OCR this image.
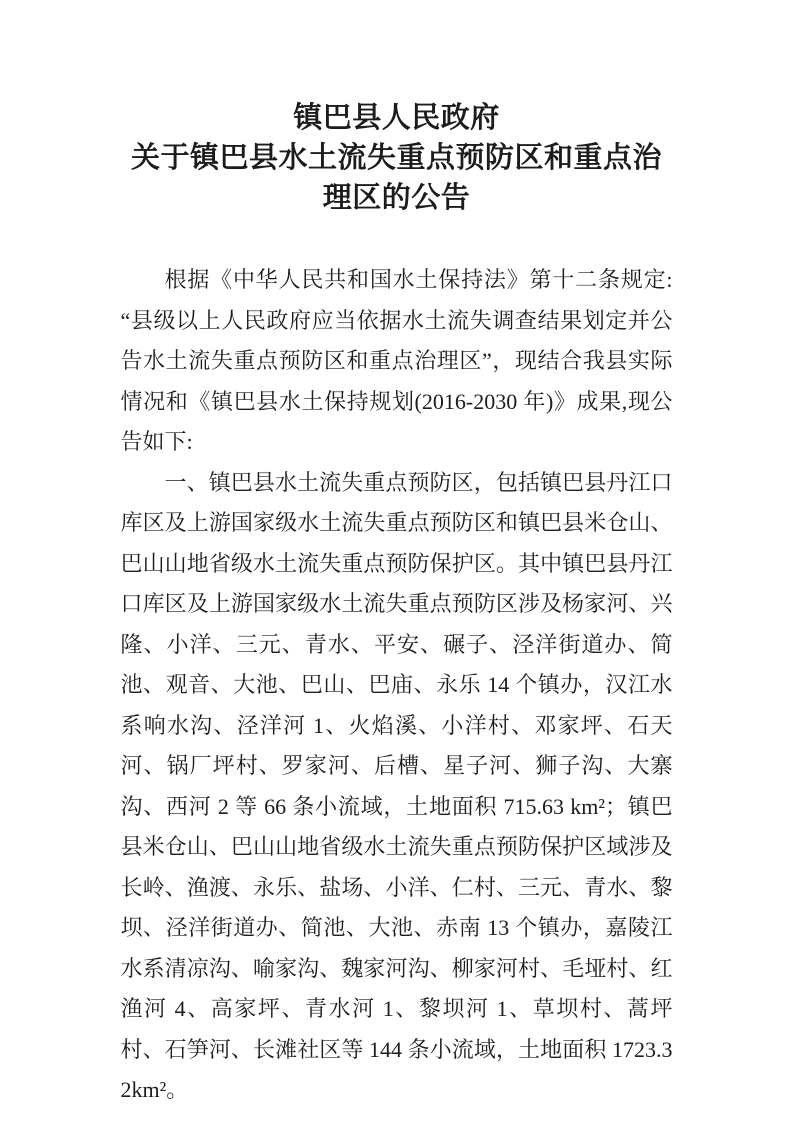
镇巴县人民政府
关于镇巴县水土流失重点预防区和重点治理区的公告

根据《中华人民共和国水土保持法》第十二条规定:“县级以上人民政府应当依据水土流失调查结果划定并公告水土流失重点预防区和重点治理区”，现结合我县实际情况和《镇巴县水土保持规划(2016-2030 年)》成果,现公告如下:

一、镇巴县水土流失重点预防区，包括镇巴县丹江口库区及上游国家级水土流失重点预防区和镇巴县米仓山、巴山山地省级水土流失重点预防保护区。其中镇巴县丹江口库区及上游国家级水土流失重点预防区涉及杨家河、兴隆、小洋、三元、青水、平安、碾子、泾洋街道办、简池、观音、大池、巴山、巴庙、永乐 14 个镇办，汉江水系响水沟、泾洋河 1、火焰溪、小洋村、邓家坪、石天河、锅厂坪村、罗家河、后槽、星子河、狮子沟、大寨沟、西河 2 等 66 条小流域，土地面积 715.63 km²；镇巴县米仓山、巴山山地省级水土流失重点预防保护区域涉及长岭、渔渡、永乐、盐场、小洋、仁村、三元、青水、黎坝、泾洋街道办、简池、大池、赤南 13 个镇办，嘉陵江水系清凉沟、喻家沟、魏家河沟、柳家河村、毛垭村、红渔河 4、高家坪、青水河 1、黎坝河 1、草坝村、蒿坪村、石笋河、长滩社区等 144 条小流域，土地面积 1723.32km²。
